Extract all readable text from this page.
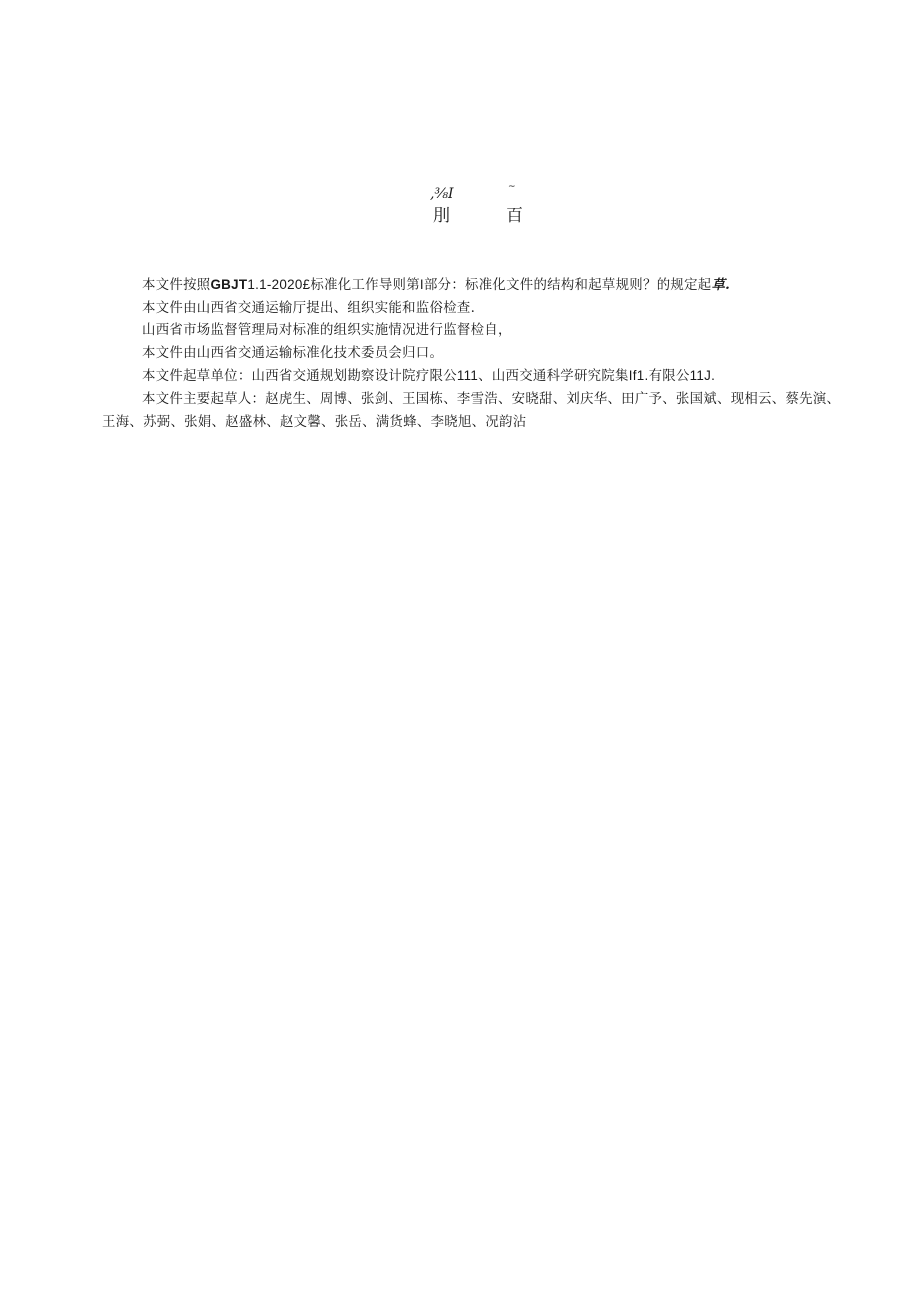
,⅜I	~
刖	百

本文件按照GBJT1.1-2020£标准化工作导则第I部分：标准化文件的结构和起草规则？的规定起草.

本文件由山西省交通运输厅提出、组织实能和监俗检查.

山西省市场监督管理局对标准的组织实施情况进行监督检自，

本文件由山西省交通运输标准化技术委员会归口。

本文件起草单位：山西省交通规划勘察设计院疗限公111、山西交通科学研究院集If1.有限公11J.

本文件主要起草人：赵虎生、周博、张剑、王国栋、李雪浩、安晓甜、刘庆华、田广予、张国斌、现相云、蔡先演、王海、苏弼、张娟、赵盛林、赵文馨、张岳、满货蜂、李晓旭、况韵沾
